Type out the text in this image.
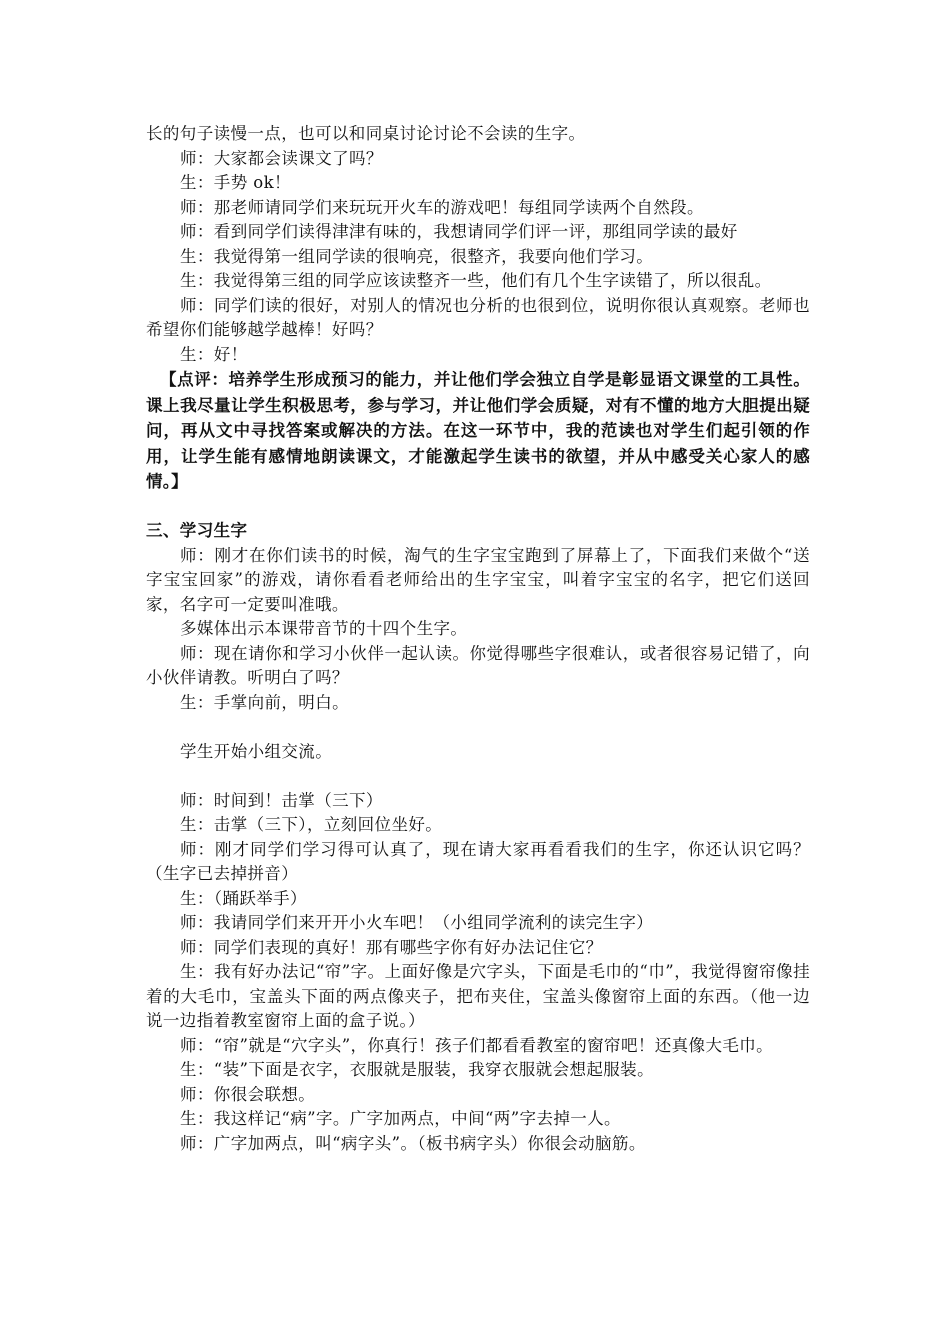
长的句子读慢一点，也可以和同桌讨论讨论不会读的生字。

师：大家都会读课文了吗？

生：手势 ok！

师：那老师请同学们来玩玩开火车的游戏吧！每组同学读两个自然段。

师：看到同学们读得津津有味的，我想请同学们评一评，那组同学读的最好

生：我觉得第一组同学读的很响亮，很整齐，我要向他们学习。

生：我觉得第三组的同学应该读整齐一些，他们有几个生字读错了，所以很乱。

师：同学们读的很好，对别人的情况也分析的也很到位，说明你很认真观察。老师也希望你们能够越学越棒！好吗？

生：好！

【点评：培养学生形成预习的能力，并让他们学会独立自学是彰显语文课堂的工具性。课上我尽量让学生积极思考，参与学习，并让他们学会质疑，对有不懂的地方大胆提出疑问，再从文中寻找答案或解决的方法。在这一环节中，我的范读也对学生们起引领的作用，让学生能有感情地朗读课文，才能激起学生读书的欲望，并从中感受关心家人的感情。】

三、学习生字

师：刚才在你们读书的时候，淘气的生字宝宝跑到了屏幕上了，下面我们来做个“送字宝宝回家”的游戏，请你看看老师给出的生字宝宝，叫着字宝宝的名字，把它们送回家，名字可一定要叫准哦。

多媒体出示本课带音节的十四个生字。

师：现在请你和学习小伙伴一起认读。你觉得哪些字很难认，或者很容易记错了，向小伙伴请教。听明白了吗？

生：手掌向前，明白。

学生开始小组交流。

师：时间到！击掌（三下）

生：击掌（三下），立刻回位坐好。

师：刚才同学们学习得可认真了，现在请大家再看看我们的生字，你还认识它吗？（生字已去掉拼音）

生：（踊跃举手）

师：我请同学们来开开小火车吧！（小组同学流利的读完生字）

师：同学们表现的真好！那有哪些字你有好办法记住它？

生：我有好办法记“帘”字。上面好像是穴字头，下面是毛巾的“巾”，我觉得窗帘像挂着的大毛巾，宝盖头下面的两点像夹子，把布夹住，宝盖头像窗帘上面的东西。（他一边说一边指着教室窗帘上面的盒子说。）

师：“帘”就是“穴字头”，你真行！孩子们都看看教室的窗帘吧！还真像大毛巾。

生：“装”下面是衣字，衣服就是服装，我穿衣服就会想起服装。

师：你很会联想。

生：我这样记“病”字。广字加两点，中间“两”字去掉一人。

师：广字加两点，叫“病字头”。（板书病字头）你很会动脑筋。
